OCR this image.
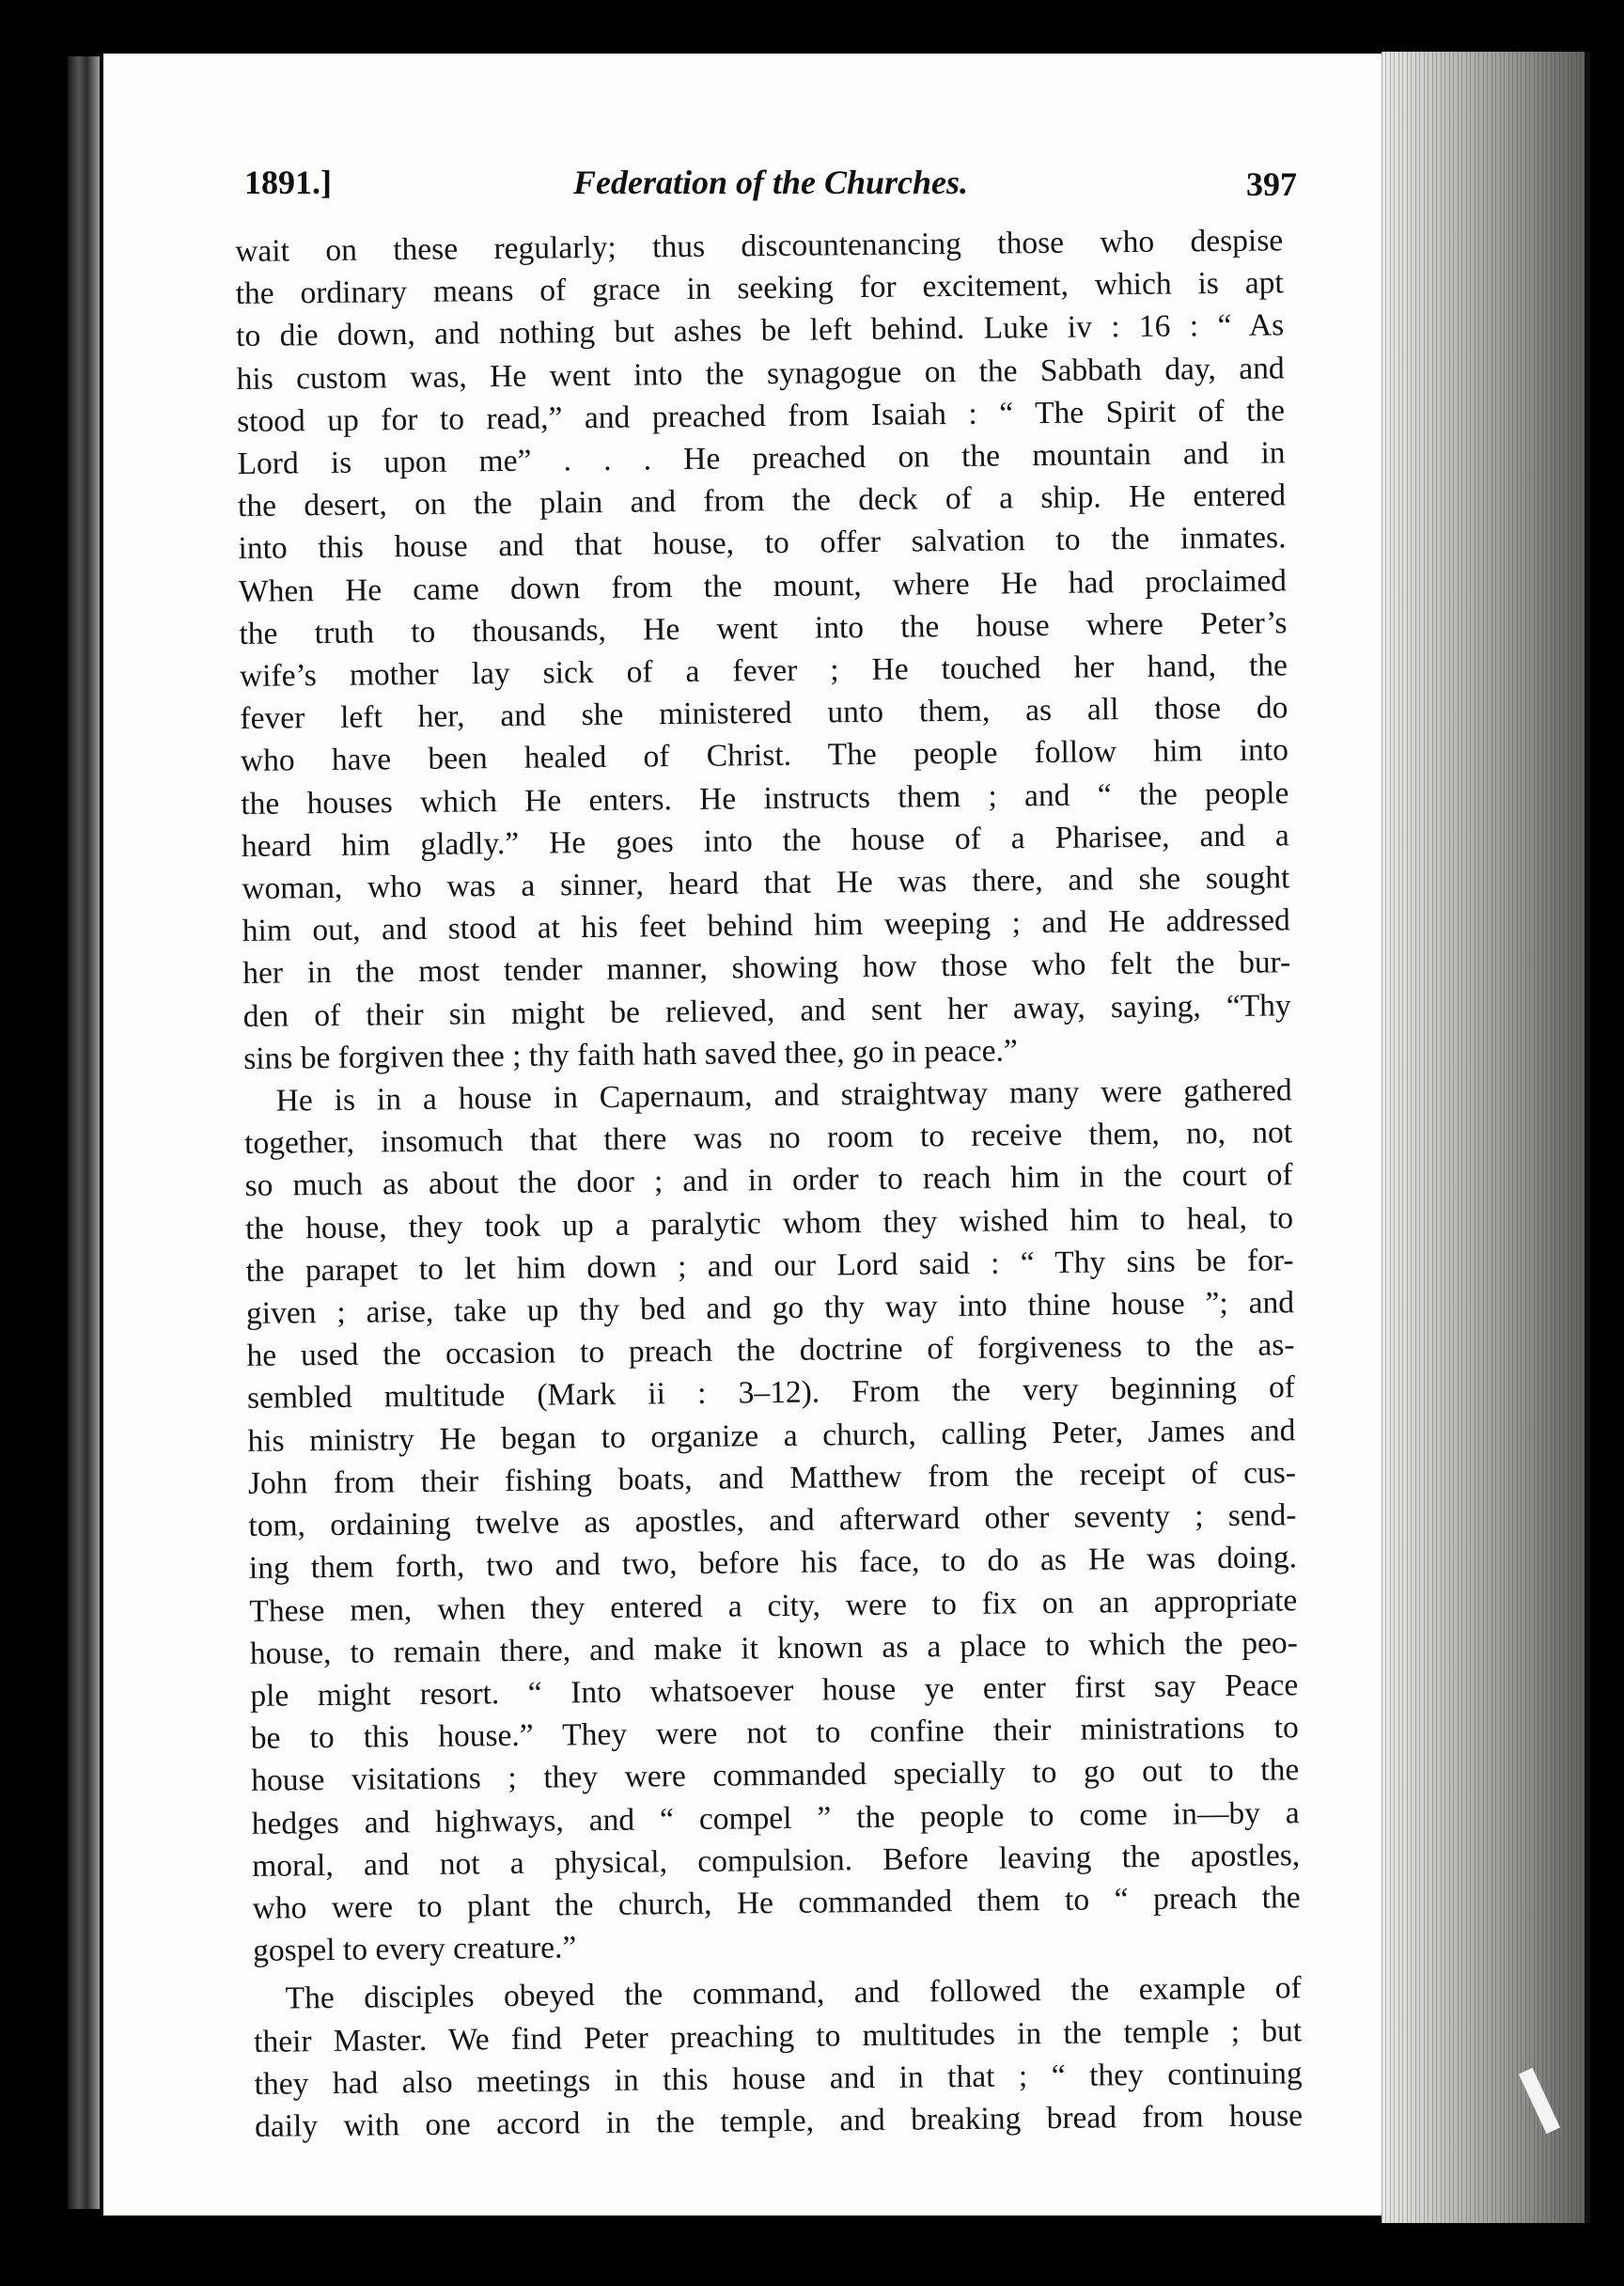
1891.]	Federation of the Churches.	397
wait on these regularly; thus discountenancing those who despise
the ordinary means of grace in seeking for excitement, which is apt
to die down, and nothing but ashes be left behind. Luke iv : 16 : “ As
his custom was, He went into the synagogue on the Sabbath day, and
stood up for to read,” and preached from Isaiah : “ The Spirit of the
Lord is upon me” . . . He preached on the mountain and in
the desert, on the plain and from the deck of a ship. He entered
into this house and that house, to offer salvation to the inmates.
When He came down from the mount, where He had proclaimed
the truth to thousands, He went into the house where Peter’s
wife’s mother lay sick of a fever ; He touched her hand, the
fever left her, and she ministered unto them, as all those do
who have been healed of Christ. The people follow him into
the houses which He enters. He instructs them ; and “ the people
heard him gladly.” He goes into the house of a Pharisee, and a
woman, who was a sinner, heard that He was there, and she sought
him out, and stood at his feet behind him weeping ; and He addressed
her in the most tender manner, showing how those who felt the bur-
den of their sin might be relieved, and sent her away, saying, “Thy
sins be forgiven thee ; thy faith hath saved thee, go in peace.”
He is in a house in Capernaum, and straightway many were gathered
together, insomuch that there was no room to receive them, no, not
so much as about the door ; and in order to reach him in the court of
the house, they took up a paralytic whom they wished him to heal, to
the parapet to let him down ; and our Lord said : “ Thy sins be for-
given ; arise, take up thy bed and go thy way into thine house ”; and
he used the occasion to preach the doctrine of forgiveness to the as-
sembled multitude (Mark ii : 3–12). From the very beginning of
his ministry He began to organize a church, calling Peter, James and
John from their fishing boats, and Matthew from the receipt of cus-
tom, ordaining twelve as apostles, and afterward other seventy ; send-
ing them forth, two and two, before his face, to do as He was doing.
These men, when they entered a city, were to fix on an appropriate
house, to remain there, and make it known as a place to which the peo-
ple might resort. “ Into whatsoever house ye enter first say Peace
be to this house.” They were not to confine their ministrations to
house visitations ; they were commanded specially to go out to the
hedges and highways, and “ compel ” the people to come in—by a
moral, and not a physical, compulsion. Before leaving the apostles,
who were to plant the church, He commanded them to “ preach the
gospel to every creature.”
The disciples obeyed the command, and followed the example of
their Master. We find Peter preaching to multitudes in the temple ; but
they had also meetings in this house and in that ; “ they continuing
daily with one accord in the temple, and breaking bread from house
